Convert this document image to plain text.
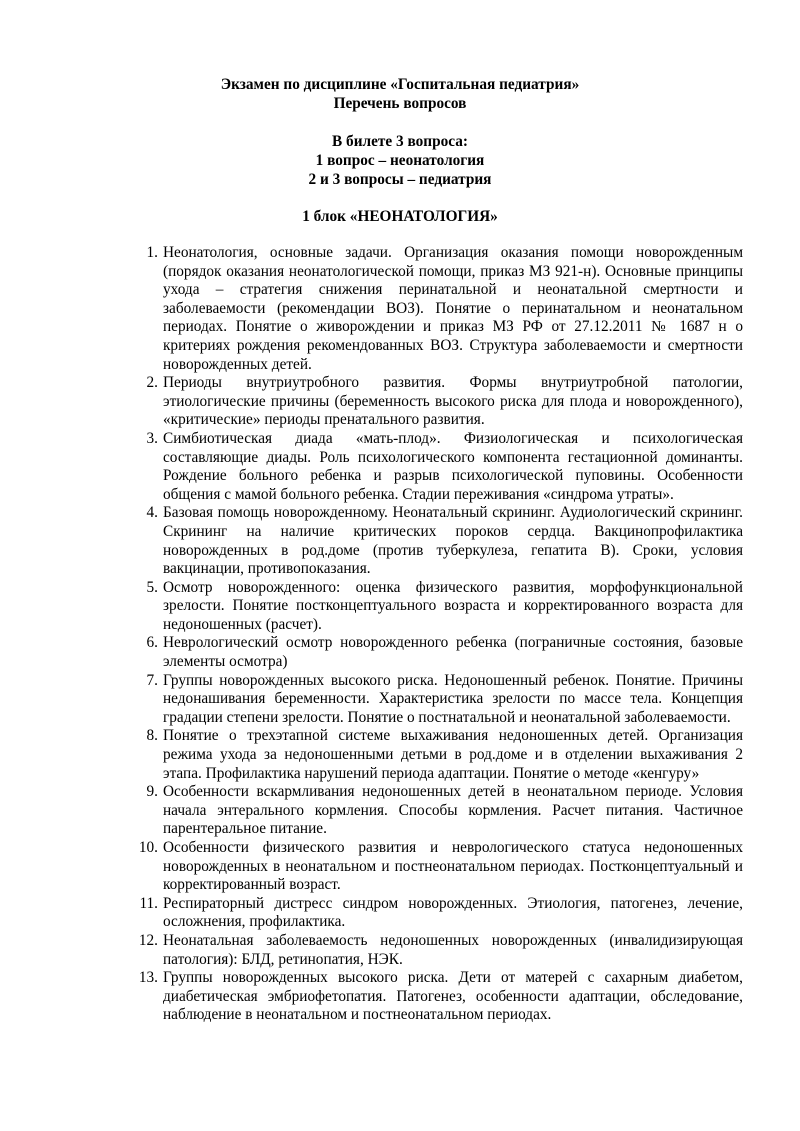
Экзамен по дисциплине «Госпитальная педиатрия»
Перечень вопросов
В билете 3 вопроса:
1 вопрос – неонатология
2 и 3 вопросы – педиатрия
1 блок «НЕОНАТОЛОГИЯ»
1. Неонатология, основные задачи. Организация оказания помощи новорожденным (порядок оказания неонатологической помощи, приказ МЗ 921-н). Основные принципы ухода – стратегия снижения перинатальной и неонатальной смертности и заболеваемости (рекомендации ВОЗ). Понятие о перинатальном и неонатальном периодах. Понятие о живорождении и приказ МЗ РФ от 27.12.2011 № 1687 н о критериях рождения рекомендованных ВОЗ. Структура заболеваемости и смертности новорожденных детей.
2. Периоды внутриутробного развития. Формы внутриутробной патологии, этиологические причины (беременность высокого риска для плода и новорожденного), «критические» периоды пренатального развития.
3. Симбиотическая диада «мать-плод». Физиологическая и психологическая составляющие диады. Роль психологического компонента гестационной доминанты. Рождение больного ребенка и разрыв психологической пуповины. Особенности общения с мамой больного ребенка. Стадии переживания «синдрома утраты».
4. Базовая помощь новорожденному. Неонатальный скрининг. Аудиологический скрининг. Скрининг на наличие критических пороков сердца. Вакцинопрофилактика новорожденных в род.доме (против туберкулеза, гепатита В). Сроки, условия вакцинации, противопоказания.
5. Осмотр новорожденного: оценка физического развития, морфофункциональной зрелости. Понятие постконцептуального возраста и корректированного возраста для недоношенных (расчет).
6. Неврологический осмотр новорожденного ребенка (пограничные состояния, базовые элементы осмотра)
7. Группы новорожденных высокого риска. Недоношенный ребенок. Понятие. Причины недонашивания беременности. Характеристика зрелости по массе тела. Концепция градации степени зрелости. Понятие о постнатальной и неонатальной заболеваемости.
8. Понятие о трехэтапной системе выхаживания недоношенных детей. Организация режима ухода за недоношенными детьми в род.доме и в отделении выхаживания 2 этапа. Профилактика нарушений периода адаптации. Понятие о методе «кенгуру»
9. Особенности вскармливания недоношенных детей в неонатальном периоде. Условия начала энтерального кормления. Способы кормления. Расчет питания. Частичное парентеральное питание.
10. Особенности физического развития и неврологического статуса недоношенных новорожденных в неонатальном и постнеонатальном периодах. Постконцептуальный и корректированный возраст.
11. Респираторный дистресс синдром новорожденных. Этиология, патогенез, лечение, осложнения, профилактика.
12. Неонатальная заболеваемость недоношенных новорожденных (инвалидизирующая патология): БЛД, ретинопатия, НЭК.
13. Группы новорожденных высокого риска. Дети от матерей с сахарным диабетом, диабетическая эмбриофетопатия. Патогенез, особенности адаптации, обследование, наблюдение в неонатальном и постнеонатальном периодах.
